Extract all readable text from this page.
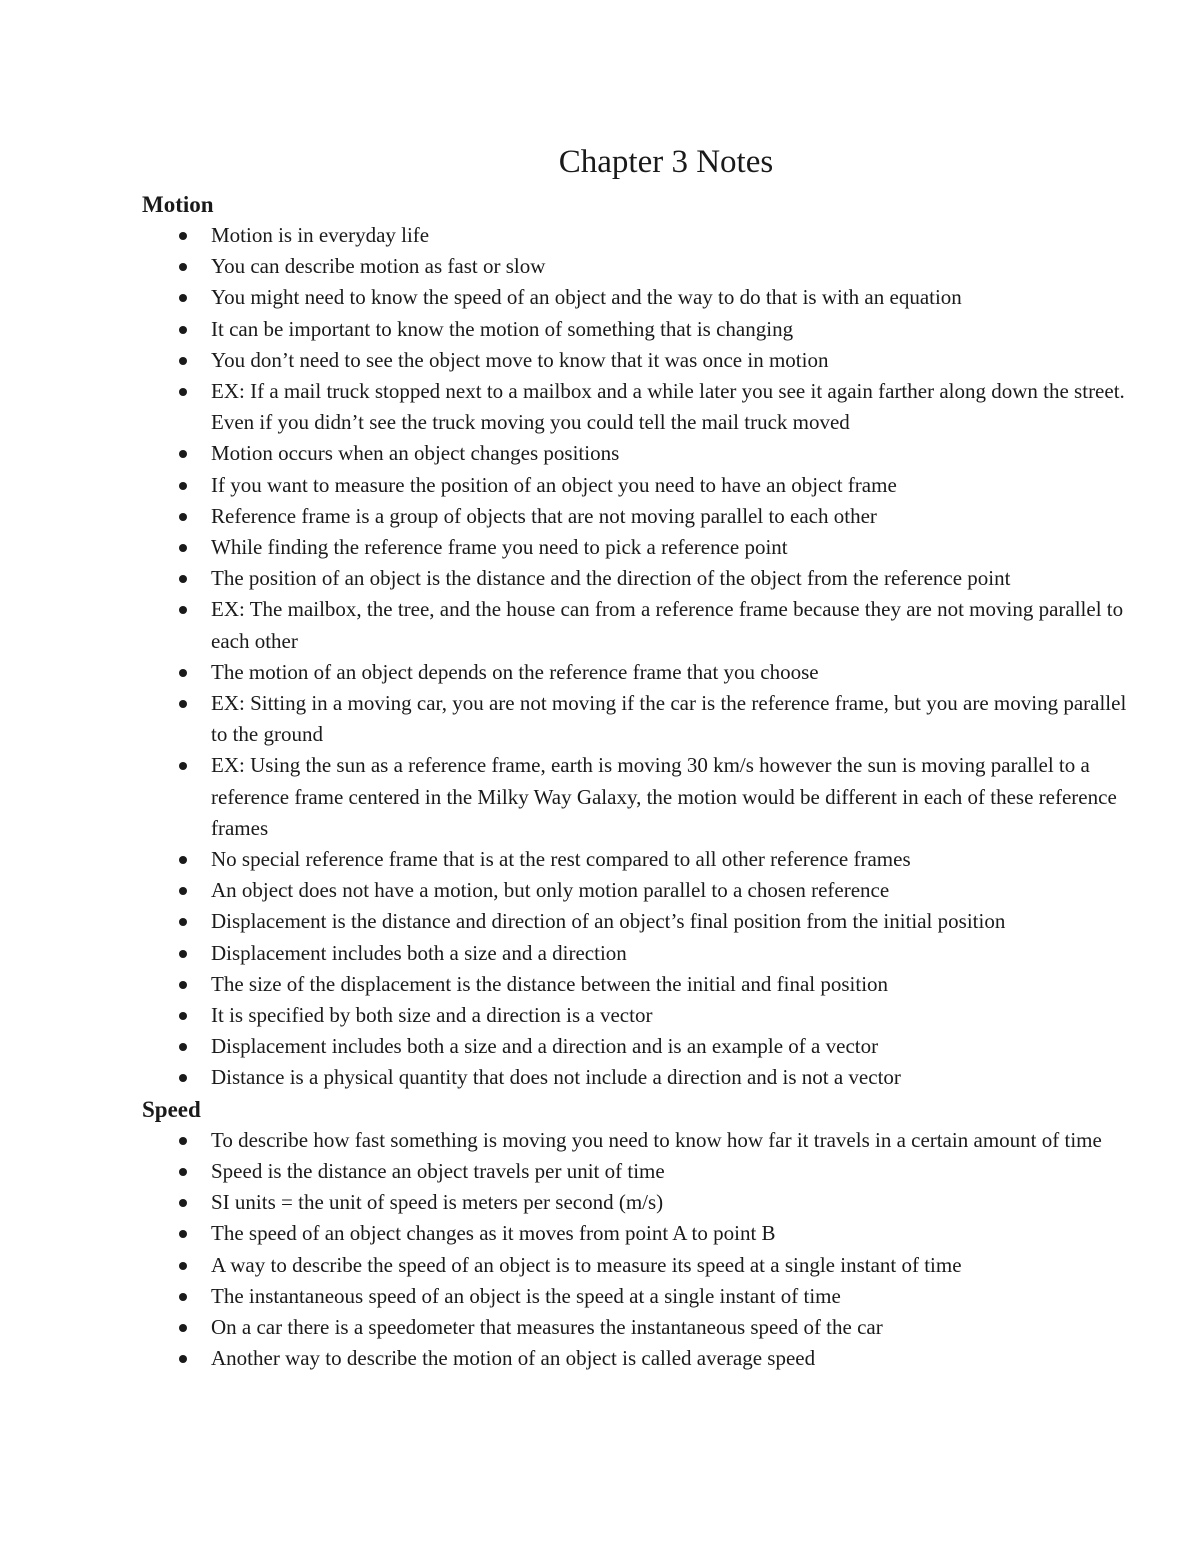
Chapter 3 Notes
Motion
Motion is in everyday life
You can describe motion as fast or slow
You might need to know the speed of an object and the way to do that is with an equation
It can be important to know the motion of something that is changing
You don’t need to see the object move to know that it was once in motion
EX: If a mail truck stopped next to a mailbox and a while later you see it again farther along down the street. Even if you didn’t see the truck moving you could tell the mail truck moved
Motion occurs when an object changes positions
If you want to measure the position of an object you need to have an object frame
Reference frame is a group of objects that are not moving parallel to each other
While finding the reference frame you need to pick a reference point
The position of an object is the distance and the direction of the object from the reference point
EX: The mailbox, the tree, and the house can from a reference frame because they are not moving parallel to each other
The motion of an object depends on the reference frame that you choose
EX: Sitting in a moving car, you are not moving if the car is the reference frame, but you are moving parallel to the ground
EX: Using the sun as a reference frame, earth is moving 30 km/s however the sun is moving parallel to a reference frame centered in the Milky Way Galaxy, the motion would be different in each of these reference frames
No special reference frame that is at the rest compared to all other reference frames
An object does not have a motion, but only motion parallel to a chosen reference
Displacement is the distance and direction of an object’s final position from the initial position
Displacement includes both a size and a direction
The size of the displacement is the distance between the initial and final position
It is specified by both size and a direction is a vector
Displacement includes both a size and a direction and is an example of a vector
Distance is a physical quantity that does not include a direction and is not a vector
Speed
To describe how fast something is moving you need to know how far it travels in a certain amount of time
Speed is the distance an object travels per unit of time
SI units = the unit of speed is meters per second (m/s)
The speed of an object changes as it moves from point A to point B
A way to describe the speed of an object is to measure its speed at a single instant of time
The instantaneous speed of an object is the speed at a single instant of time
On a car there is a speedometer that measures the instantaneous speed of the car
Another way to describe the motion of an object is called average speed
